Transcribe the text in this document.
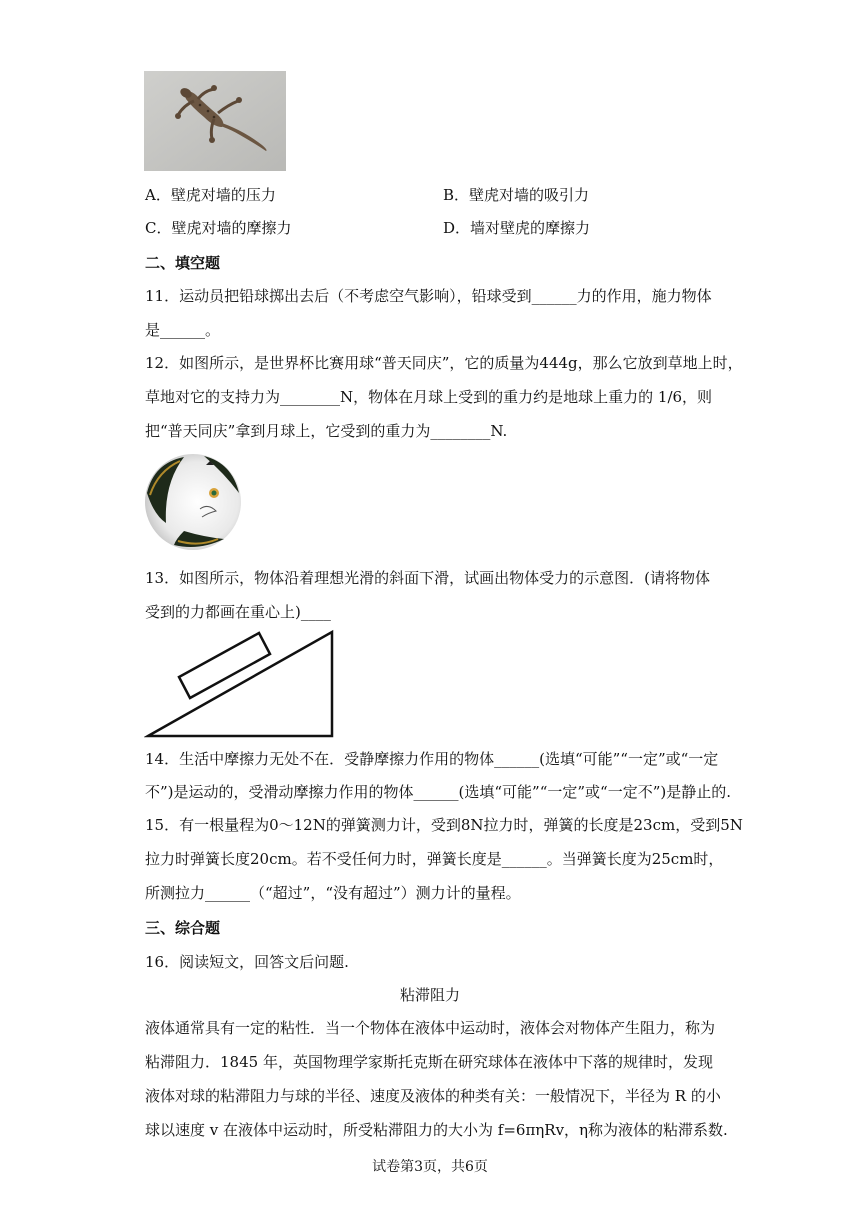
A．壁虎对墙的压力	B．壁虎对墙的吸引力
C．壁虎对墙的摩擦力	D．墙对壁虎的摩擦力
二、填空题
11．运动员把铅球掷出去后（不考虑空气影响），铅球受到______力的作用，施力物体
是______。
12．如图所示，是世界杯比赛用球“普天同庆”，它的质量为444g，那么它放到草地上时，
草地对它的支持力为________N，物体在月球上受到的重力约是地球上重力的 1/6，则
把“普天同庆”拿到月球上，它受到的重力为________N.
13．如图所示，物体沿着理想光滑的斜面下滑，试画出物体受力的示意图．(请将物体
受到的力都画在重心上)____
14．生活中摩擦力无处不在．受静摩擦力作用的物体______(选填“可能”“一定”或“一定
不”)是运动的，受滑动摩擦力作用的物体______(选填“可能”“一定”或“一定不”)是静止的.
15．有一根量程为0～12N的弹簧测力计，受到8N拉力时，弹簧的长度是23cm，受到5N
拉力时弹簧长度20cm。若不受任何力时，弹簧长度是______。当弹簧长度为25cm时，
所测拉力______（“超过”，“没有超过”）测力计的量程。
三、综合题
16．阅读短文，回答文后问题.
粘滞阻力
液体通常具有一定的粘性．当一个物体在液体中运动时，液体会对物体产生阻力，称为
粘滞阻力．1845 年，英国物理学家斯托克斯在研究球体在液体中下落的规律时，发现
液体对球的粘滞阻力与球的半径、速度及液体的种类有关：一般情况下，半径为 R 的小
球以速度 v 在液体中运动时，所受粘滞阻力的大小为 f=6πηRv，η称为液体的粘滞系数.
试卷第3页，共6页
